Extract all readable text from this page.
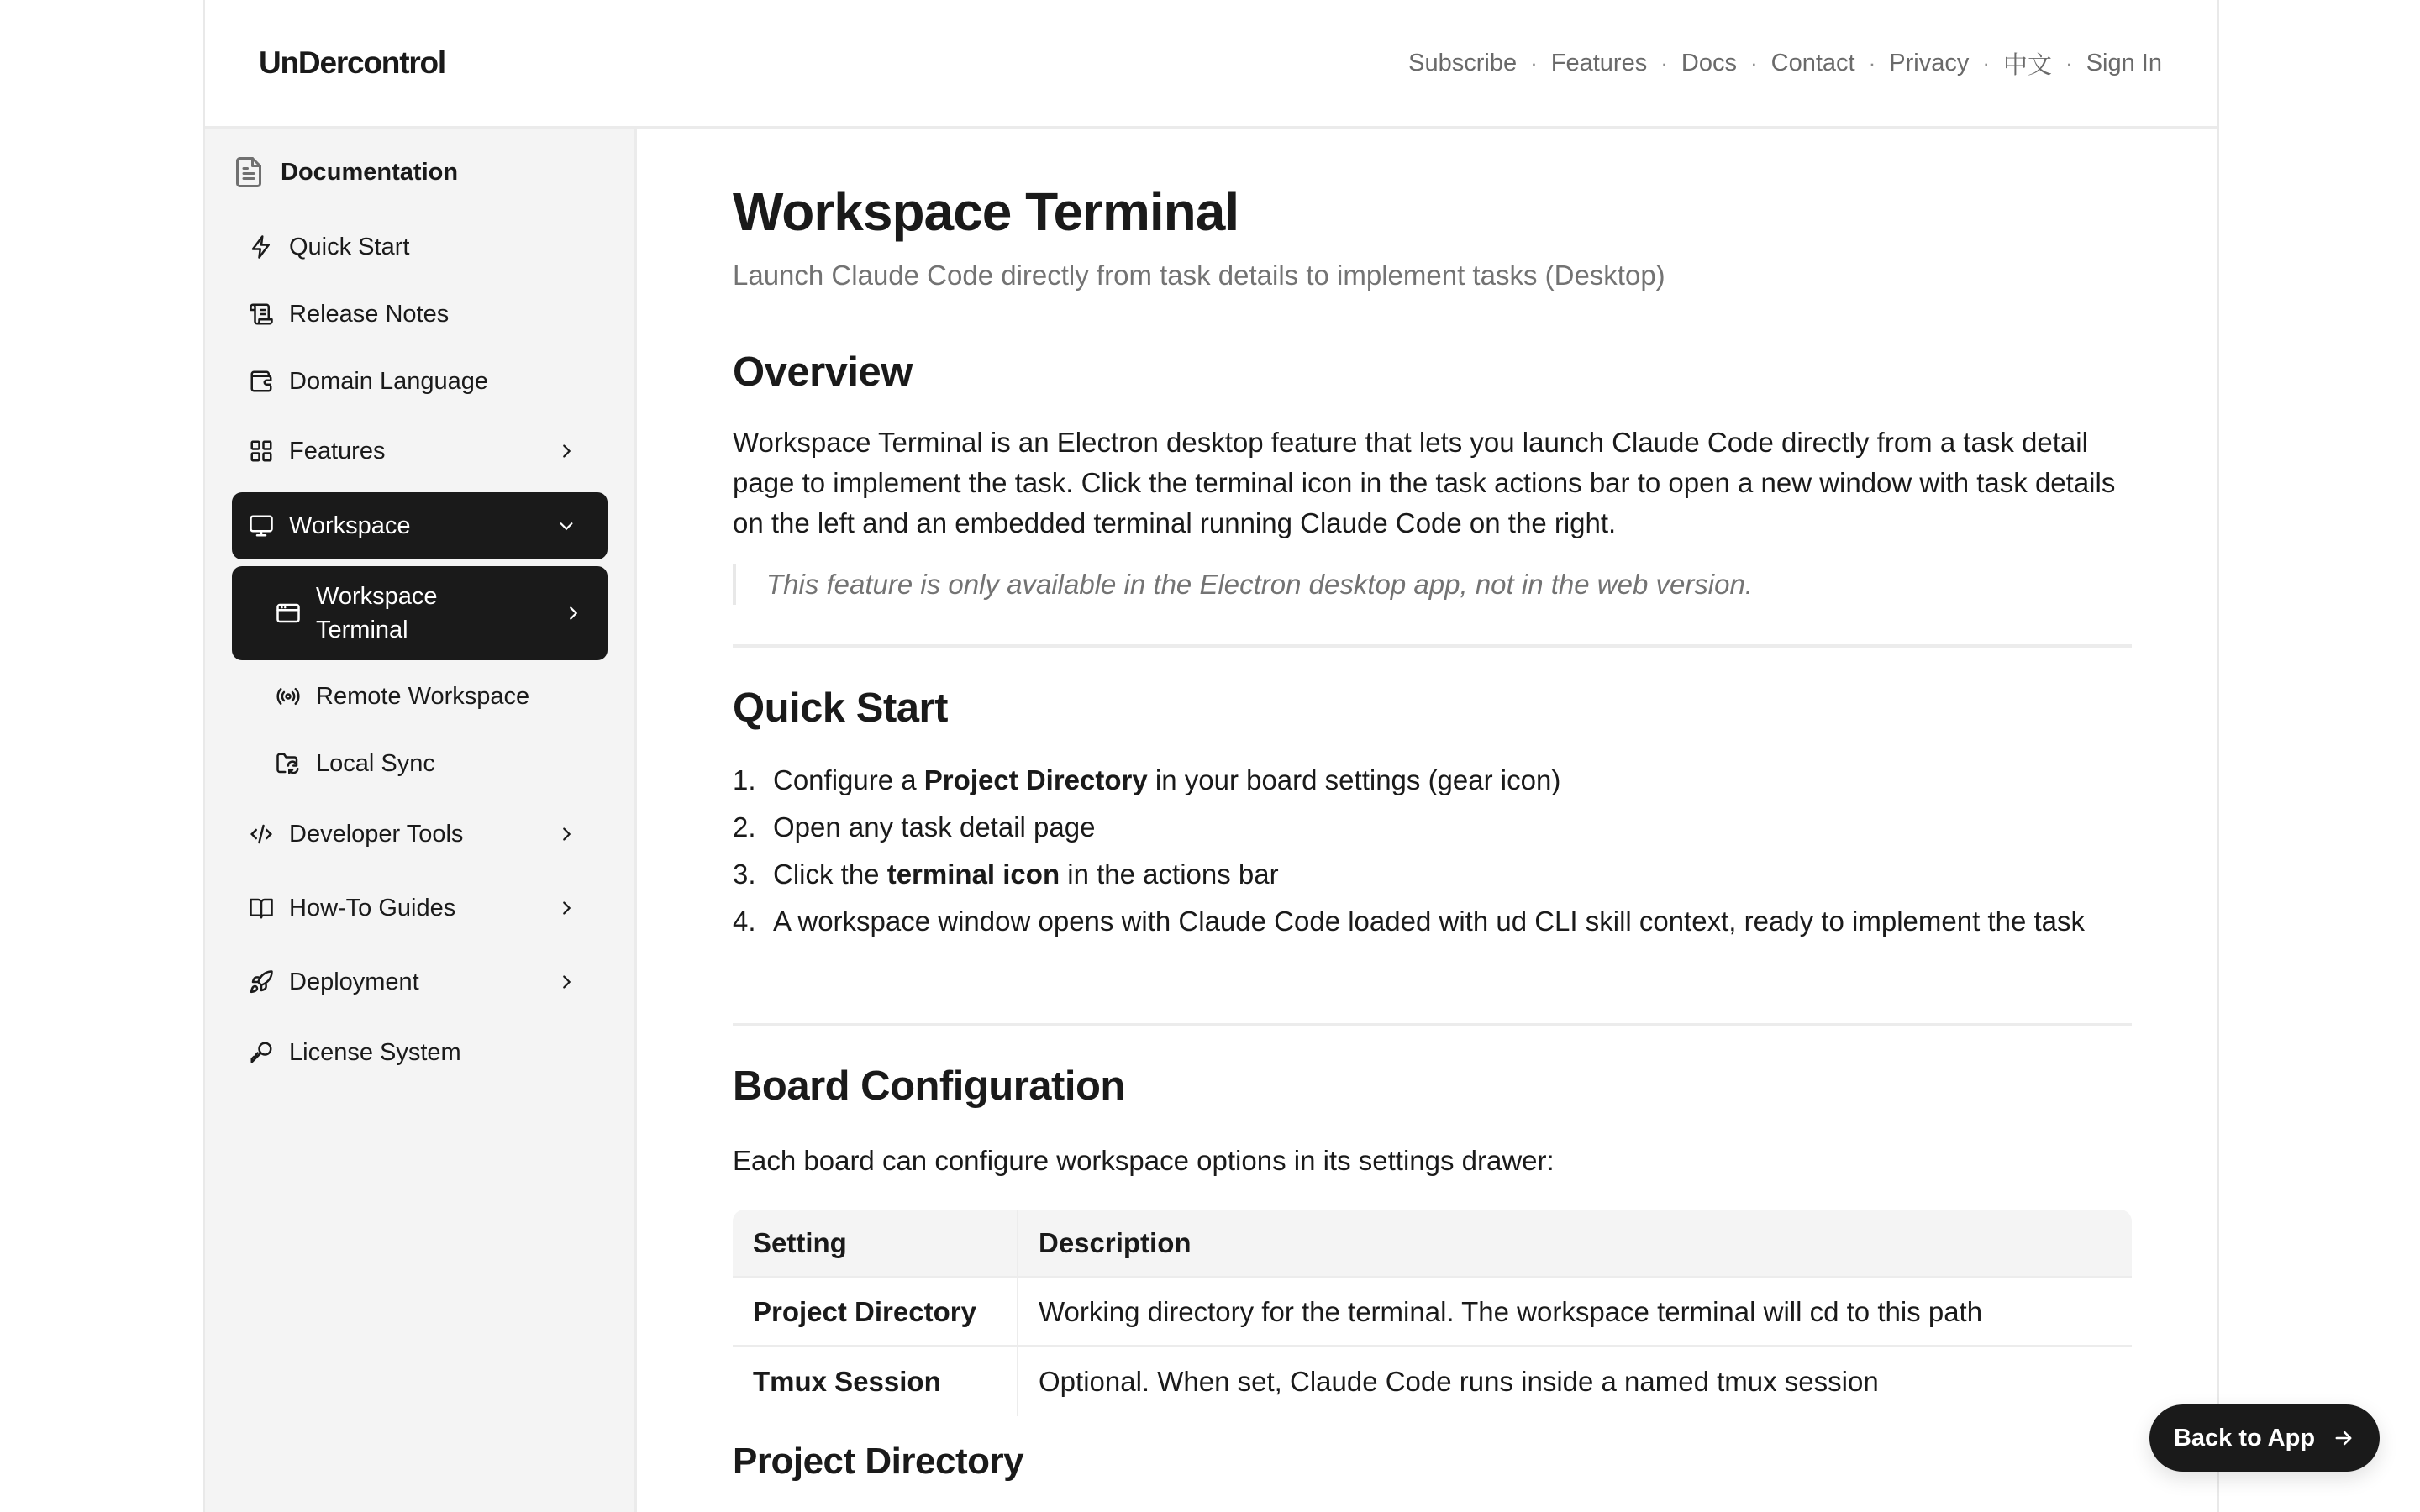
UnDercontrol	Subscribe · Features · Docs · Contact · Privacy · 中文 · Sign In
Documentation
Quick Start
Release Notes
Domain Language
Features
Workspace
Workspace Terminal
Remote Workspace
Local Sync
Developer Tools
How-To Guides
Deployment
License System
Workspace Terminal
Launch Claude Code directly from task details to implement tasks (Desktop)
Overview

Workspace Terminal is an Electron desktop feature that lets you launch Claude Code directly from a task detail page to implement the task. Click the terminal icon in the task actions bar to open a new window with task details on the left and an embedded terminal running Claude Code on the right.

This feature is only available in the Electron desktop app, not in the web version.
Quick Start
1. Configure a Project Directory in your board settings (gear icon)
2. Open any task detail page
3. Click the terminal icon in the actions bar
4. A workspace window opens with Claude Code loaded with ud CLI skill context, ready to implement the task
Board Configuration

Each board can configure workspace options in its settings drawer:

Setting	Description
Project Directory	Working directory for the terminal. The workspace terminal will cd to this path
Tmux Session	Optional. When set, Claude Code runs inside a named tmux session
Project Directory
Back to App
